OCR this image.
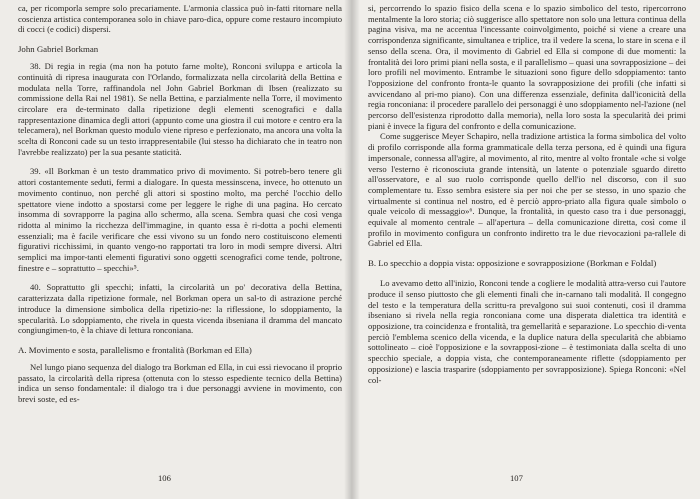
ca, per ricomporla sempre solo precariamente. L'armonia classica può in-fatti ritornare nella coscienza artistica contemporanea solo in chiave paro-dica, oppure come restauro incompiuto di cocci (e codici) dispersi.

John Gabriel Borkman

38. Di regia in regia (ma non ha potuto farne molte), Ronconi sviluppa e articola la continuità di ripresa inaugurata con l'Orlando, formalizzata nella circolarità della Bettina e modulata nella Torre, raffinandola nel John Gabriel Borkman di Ibsen (realizzato su commissione della Rai nel 1981). Se nella Bettina, e parzialmente nella Torre, il movimento circolare era de-terminato dalla ripetizione degli elementi scenografici e dalla rappresentazione dinamica degli attori (appunto come una giostra il cui motore e centro era la telecamera), nel Borkman questo modulo viene ripreso e perfezionato, ma ancora una volta la scelta di Ronconi cade su un testo irrappresentabile (lui stesso ha dichiarato che in teatro non l'avrebbe realizzato) per la sua pesante staticità.

39. «Il Borkman è un testo drammatico privo di movimento. Si potreb-bero tenere gli attori costantemente seduti, fermi a dialogare. In questa messinscena, invece, ho ottenuto un movimento continuo, non perché gli attori si spostino molto, ma perché l'occhio dello spettatore viene indotto a spostarsi come per leggere le righe di una pagina. Ho cercato insomma di sovrapporre la pagina allo schermo, alla scena. Sembra quasi che così venga ridotta al minimo la ricchezza dell'immagine, in quanto essa è ri-dotta a pochi elementi essenziali; ma è facile verificare che essi vivono su un fondo nero costituiscono elementi figurativi ricchissimi, in quanto vengo-no rapportati tra loro in modi sempre diversi. Altri semplici ma impor-tanti elementi figurativi sono oggetti scenografici come tende, poltrone, finestre e – soprattutto – specchi»⁵.

40. Soprattutto gli specchi; infatti, la circolarità un po' decorativa della Bettina, caratterizzata dalla ripetizione formale, nel Borkman opera un sal-to di astrazione perché introduce la dimensione simbolica della ripetizio-ne: la riflessione, lo sdoppiamento, la specularità. Lo sdoppiamento, che rivela in questa vicenda ibseniana il dramma del mancato congiungimen-to, è la chiave di lettura ronconiana.

A. Movimento e sosta, parallelismo e frontalità (Borkman ed Ella)

Nel lungo piano sequenza del dialogo tra Borkman ed Ella, in cui essi rievocano il proprio passato, la circolarità della ripresa (ottenuta con lo stesso espediente tecnico della Bettina) indica un senso fondamentale: il dialogo tra i due personaggi avviene in movimento, con brevi soste, ed es-

106

si, percorrendo lo spazio fisico della scena e lo spazio simbolico del testo, ripercorrono mentalmente la loro storia; ciò suggerisce allo spettatore non solo una lettura continua della pagina visiva, ma ne accentua l'incessante coinvolgimento, poiché si viene a creare una corrispondenza significante, simultanea e triplice, tra il vedere la scena, lo stare in scena e il senso della scena. Ora, il movimento di Gabriel ed Ella si compone di due momenti: la frontalità dei loro primi piani nella sosta, e il parallelismo – quasi una sovrapposizione – dei loro profili nel movimento. Entrambe le situazioni sono figure dello sdoppiamento: tanto l'opposizione del confronto fronta-le quanto la sovrapposizione dei profili (che infatti si avvicendano al pri-mo piano). Con una differenza essenziale, definita dall'iconicità della regia ronconiana: il procedere parallelo dei personaggi è uno sdoppiamento nel-l'azione (nel percorso dell'esistenza riprodotto dalla memoria), nella loro sosta la specularità dei primi piani è invece la figura del confronto e della comunicazione.

Come suggerisce Meyer Schapiro, nella tradizione artistica la forma simbolica del volto di profilo corrisponde alla forma grammaticale della terza persona, ed è quindi una figura impersonale, connessa all'agire, al movimento, al rito, mentre al volto frontale «che si volge verso l'esterno è riconosciuta grande intensità, un latente o potenziale sguardo diretto all'osservatore, e al suo ruolo corrisponde quello dell'io nel discorso, con il suo complementare tu. Esso sembra esistere sia per noi che per se stesso, in uno spazio che virtualmente si continua nel nostro, ed è perciò appro-priato alla figura quale simbolo o quale veicolo di messaggio»⁶. Dunque, la frontalità, in questo caso tra i due personaggi, equivale al momento centrale – all'apertura – della comunicazione diretta, così come il profilo in movimento configura un confronto indiretto tra le due rievocazioni pa-rallele di Gabriel ed Ella.

B. Lo specchio a doppia vista: opposizione e sovrapposizione (Borkman e Foldal)

Lo avevamo detto all'inizio, Ronconi tende a cogliere le modalità attra-verso cui l'autore produce il senso piuttosto che gli elementi finali che in-carnano tali modalità. Il congegno del testo e la temperatura della scrittu-ra prevalgono sui suoi contenuti, così il dramma ibseniano si rivela nella regia ronconiana come una disperata dialettica tra identità e opposizione, tra coincidenza e frontalità, tra gemellarità e separazione. Lo specchio di-venta perciò l'emblema scenico della vicenda, e la duplice natura della specularità che abbiamo sottolineato – cioè l'opposizione e la sovrapposi-zione – è testimoniata dalla scelta di uno specchio speciale, a doppia vista, che contemporaneamente riflette (sdoppiamento per opposizione) e lascia trasparire (sdoppiamento per sovrapposizione). Spiega Ronconi: «Nel col-

107
